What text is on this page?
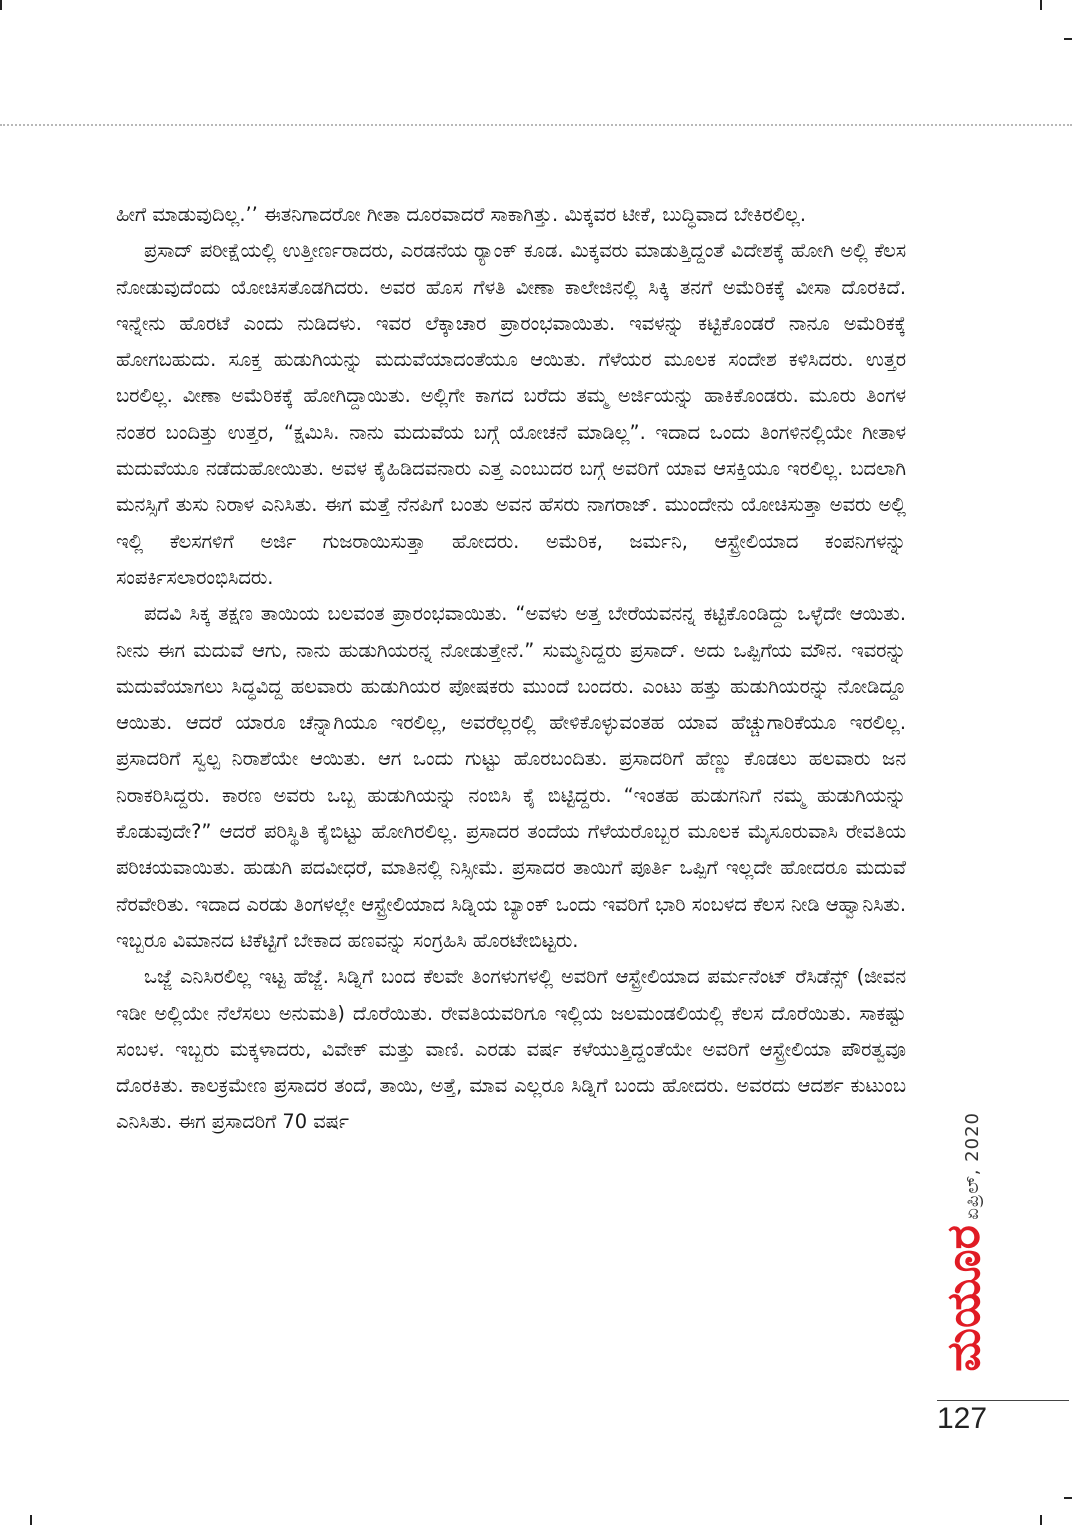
ಹೀಗೆ ಮಾಡುವುದಿಲ್ಲ.’’ ಈತನಿಗಾದರೋ ಗೀತಾ ದೂರವಾದರೆ ಸಾಕಾಗಿತ್ತು. ಮಿಕ್ಕವರ ಟೀಕೆ, ಬುದ್ಧಿವಾದ ಬೇಕಿರಲಿಲ್ಲ.

ಪ್ರಸಾದ್ ಪರೀಕ್ಷೆಯಲ್ಲಿ ಉತ್ತೀರ್ಣರಾದರು, ಎರಡನೆಯ ರ್‍ಯಾಂಕ್ ಕೂಡ. ಮಿಕ್ಕವರು ಮಾಡುತ್ತಿದ್ದಂತೆ ವಿದೇಶಕ್ಕೆ ಹೋಗಿ ಅಲ್ಲಿ ಕೆಲಸ ನೋಡುವುದೆಂದು ಯೋಚಿಸತೊಡಗಿದರು. ಅವರ ಹೊಸ ಗೆಳತಿ ವೀಣಾ ಕಾಲೇಜಿನಲ್ಲಿ ಸಿಕ್ಕಿ ತನಗೆ ಅಮೆರಿಕಕ್ಕೆ ವೀಸಾ ದೊರಕಿದೆ. ಇನ್ನೇನು ಹೊರಟೆ ಎಂದು ನುಡಿದಳು. ಇವರ ಲೆಕ್ಕಾಚಾರ ಪ್ರಾರಂಭವಾಯಿತು. ಇವಳನ್ನು ಕಟ್ಟಿಕೊಂಡರೆ ನಾನೂ ಅಮೆರಿಕಕ್ಕೆ ಹೋಗಬಹುದು. ಸೂಕ್ತ ಹುಡುಗಿಯನ್ನು ಮದುವೆಯಾದಂತೆಯೂ ಆಯಿತು. ಗೆಳೆಯರ ಮೂಲಕ ಸಂದೇಶ ಕಳಿಸಿದರು. ಉತ್ತರ ಬರಲಿಲ್ಲ. ವೀಣಾ ಅಮೆರಿಕಕ್ಕೆ ಹೋಗಿದ್ದಾಯಿತು. ಅಲ್ಲಿಗೇ ಕಾಗದ ಬರೆದು ತಮ್ಮ ಅರ್ಜಿಯನ್ನು ಹಾಕಿಕೊಂಡರು. ಮೂರು ತಿಂಗಳ ನಂತರ ಬಂದಿತ್ತು ಉತ್ತರ, “ಕ್ಷಮಿಸಿ. ನಾನು ಮದುವೆಯ ಬಗ್ಗೆ ಯೋಚನೆ ಮಾಡಿಲ್ಲ”. ಇದಾದ ಒಂದು ತಿಂಗಳಿನಲ್ಲಿಯೇ ಗೀತಾಳ ಮದುವೆಯೂ ನಡೆದುಹೋಯಿತು. ಅವಳ ಕೈಹಿಡಿದವನಾರು ಎತ್ತ ಎಂಬುದರ ಬಗ್ಗೆ ಅವರಿಗೆ ಯಾವ ಆಸಕ್ತಿಯೂ ಇರಲಿಲ್ಲ. ಬದಲಾಗಿ ಮನಸ್ಸಿಗೆ ತುಸು ನಿರಾಳ ಎನಿಸಿತು. ಈಗ ಮತ್ತೆ ನೆನಪಿಗೆ ಬಂತು ಅವನ ಹೆಸರು ನಾಗರಾಜ್. ಮುಂದೇನು ಯೋಚಿಸುತ್ತಾ ಅವರು ಅಲ್ಲಿ ಇಲ್ಲಿ ಕೆಲಸಗಳಿಗೆ ಅರ್ಜಿ ಗುಜರಾಯಿಸುತ್ತಾ ಹೋದರು. ಅಮೆರಿಕ, ಜರ್ಮನಿ, ಆಸ್ಟ್ರೇಲಿಯಾದ ಕಂಪನಿಗಳನ್ನು ಸಂಪರ್ಕಿಸಲಾರಂಭಿಸಿದರು.

ಪದವಿ ಸಿಕ್ಕ ತಕ್ಷಣ ತಾಯಿಯ ಬಲವಂತ ಪ್ರಾರಂಭವಾಯಿತು. “ಅವಳು ಅತ್ತ ಬೇರೆಯವನನ್ನ ಕಟ್ಟಿಕೊಂಡಿದ್ದು ಒಳ್ಳೆದೇ ಆಯಿತು. ನೀನು ಈಗ ಮದುವೆ ಆಗು, ನಾನು ಹುಡುಗಿಯರನ್ನ ನೋಡುತ್ತೇನೆ.” ಸುಮ್ಮನಿದ್ದರು ಪ್ರಸಾದ್. ಅದು ಒಪ್ಪಿಗೆಯ ಮೌನ. ಇವರನ್ನು ಮದುವೆಯಾಗಲು ಸಿದ್ಧವಿದ್ದ ಹಲವಾರು ಹುಡುಗಿಯರ ಪೋಷಕರು ಮುಂದೆ ಬಂದರು. ಎಂಟು ಹತ್ತು ಹುಡುಗಿಯರನ್ನು ನೋಡಿದ್ದೂ ಆಯಿತು. ಆದರೆ ಯಾರೂ ಚೆನ್ನಾಗಿಯೂ ಇರಲಿಲ್ಲ, ಅವರೆಲ್ಲರಲ್ಲಿ ಹೇಳಿಕೊಳ್ಳುವಂತಹ ಯಾವ ಹೆಚ್ಚುಗಾರಿಕೆಯೂ ಇರಲಿಲ್ಲ. ಪ್ರಸಾದರಿಗೆ ಸ್ವಲ್ಪ ನಿರಾಶೆಯೇ ಆಯಿತು. ಆಗ ಒಂದು ಗುಟ್ಟು ಹೊರಬಂದಿತು. ಪ್ರಸಾದರಿಗೆ ಹೆಣ್ಣು ಕೊಡಲು ಹಲವಾರು ಜನ ನಿರಾಕರಿಸಿದ್ದರು. ಕಾರಣ ಅವರು ಒಬ್ಬ ಹುಡುಗಿಯನ್ನು ನಂಬಿಸಿ ಕೈ ಬಿಟ್ಟಿದ್ದರು. “ಇಂತಹ ಹುಡುಗನಿಗೆ ನಮ್ಮ ಹುಡುಗಿಯನ್ನು ಕೊಡುವುದೇ?” ಆದರೆ ಪರಿಸ್ಥಿತಿ ಕೈಬಿಟ್ಟು ಹೋಗಿರಲಿಲ್ಲ. ಪ್ರಸಾದರ ತಂದೆಯ ಗೆಳೆಯರೊಬ್ಬರ ಮೂಲಕ ಮೈಸೂರುವಾಸಿ ರೇವತಿಯ ಪರಿಚಯವಾಯಿತು. ಹುಡುಗಿ ಪದವೀಧರೆ, ಮಾತಿನಲ್ಲಿ ನಿಸ್ಸೀಮೆ. ಪ್ರಸಾದರ ತಾಯಿಗೆ ಪೂರ್ತಿ ಒಪ್ಪಿಗೆ ಇಲ್ಲದೇ ಹೋದರೂ ಮದುವೆ ನೆರವೇರಿತು. ಇದಾದ ಎರಡು ತಿಂಗಳಲ್ಲೇ ಆಸ್ಟ್ರೇಲಿಯಾದ ಸಿಡ್ನಿಯ ಬ್ಯಾಂಕ್ ಒಂದು ಇವರಿಗೆ ಭಾರಿ ಸಂಬಳದ ಕೆಲಸ ನೀಡಿ ಆಹ್ವಾನಿಸಿತು. ಇಬ್ಬರೂ ವಿಮಾನದ ಟಿಕೆಟ್ಟಿಗೆ ಬೇಕಾದ ಹಣವನ್ನು ಸಂಗ್ರಹಿಸಿ ಹೊರಟೇಬಿಟ್ಟರು.

ಒಜ್ಜೆ ಎನಿಸಿರಲಿಲ್ಲ ಇಟ್ಟ ಹೆಜ್ಜೆ. ಸಿಡ್ನಿಗೆ ಬಂದ ಕೆಲವೇ ತಿಂಗಳುಗಳಲ್ಲಿ ಅವರಿಗೆ ಆಸ್ಟ್ರೇಲಿಯಾದ ಪರ್ಮನೆಂಟ್ ರೆಸಿಡೆನ್ಸ್ (ಜೀವನ ಇಡೀ ಅಲ್ಲಿಯೇ ನೆಲೆಸಲು ಅನುಮತಿ) ದೊರೆಯಿತು. ರೇವತಿಯವರಿಗೂ ಇಲ್ಲಿಯ ಜಲಮಂಡಲಿಯಲ್ಲಿ ಕೆಲಸ ದೊರೆಯಿತು. ಸಾಕಷ್ಟು ಸಂಬಳ. ಇಬ್ಬರು ಮಕ್ಕಳಾದರು, ವಿವೇಕ್ ಮತ್ತು ವಾಣಿ. ಎರಡು ವರ್ಷ ಕಳೆಯುತ್ತಿದ್ದಂತೆಯೇ ಅವರಿಗೆ ಆಸ್ಟ್ರೇಲಿಯಾ ಪೌರತ್ವವೂ ದೊರಕಿತು. ಕಾಲಕ್ರಮೇಣ ಪ್ರಸಾದರ ತಂದೆ, ತಾಯಿ, ಅತ್ತೆ, ಮಾವ ಎಲ್ಲರೂ ಸಿಡ್ನಿಗೆ ಬಂದು ಹೋದರು. ಅವರದು ಆದರ್ಶ ಕುಟುಂಬ ಎನಿಸಿತು. ಈಗ ಪ್ರಸಾದರಿಗೆ 70 ವರ್ಷ	ಏಪ್ರಿಲ್, 2020
ಮಯೂರ
127
